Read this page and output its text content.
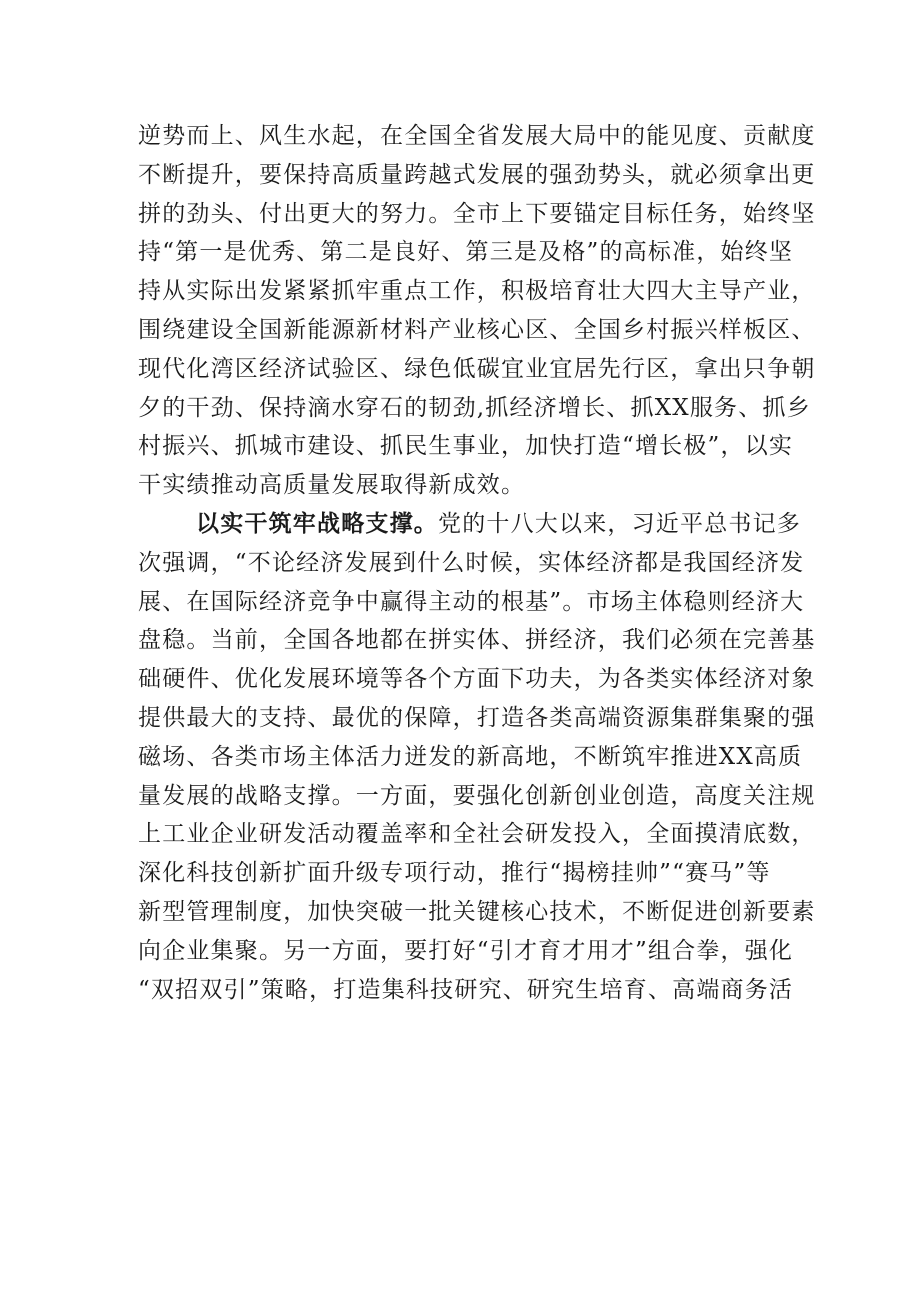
逆势而上、风生水起，在全国全省发展大局中的能见度、贡献度
不断提升，要保持高质量跨越式发展的强劲势头，就必须拿出更
拼的劲头、付出更大的努力。全市上下要锚定目标任务，始终坚
持“第一是优秀、第二是良好、第三是及格”的高标准，始终坚
持从实际出发紧紧抓牢重点工作，积极培育壮大四大主导产业，
围绕建设全国新能源新材料产业核心区、全国乡村振兴样板区、
现代化湾区经济试验区、绿色低碳宜业宜居先行区，拿出只争朝
夕的干劲、保持滴水穿石的韧劲,抓经济增长、抓XX服务、抓乡
村振兴、抓城市建设、抓民生事业，加快打造“增长极”，以实
干实绩推动高质量发展取得新成效。
以实干筑牢战略支撑。党的十八大以来，习近平总书记多
次强调，“不论经济发展到什么时候，实体经济都是我国经济发
展、在国际经济竞争中赢得主动的根基”。市场主体稳则经济大
盘稳。当前，全国各地都在拼实体、拼经济，我们必须在完善基
础硬件、优化发展环境等各个方面下功夫，为各类实体经济对象
提供最大的支持、最优的保障，打造各类高端资源集群集聚的强
磁场、各类市场主体活力迸发的新高地，不断筑牢推进XX高质
量发展的战略支撑。一方面，要强化创新创业创造，高度关注规
上工业企业研发活动覆盖率和全社会研发投入，全面摸清底数，
深化科技创新扩面升级专项行动，推行“揭榜挂帅”“赛马”等
新型管理制度，加快突破一批关键核心技术，不断促进创新要素
向企业集聚。另一方面，要打好“引才育才用才”组合拳，强化
“双招双引”策略，打造集科技研究、研究生培育、高端商务活
